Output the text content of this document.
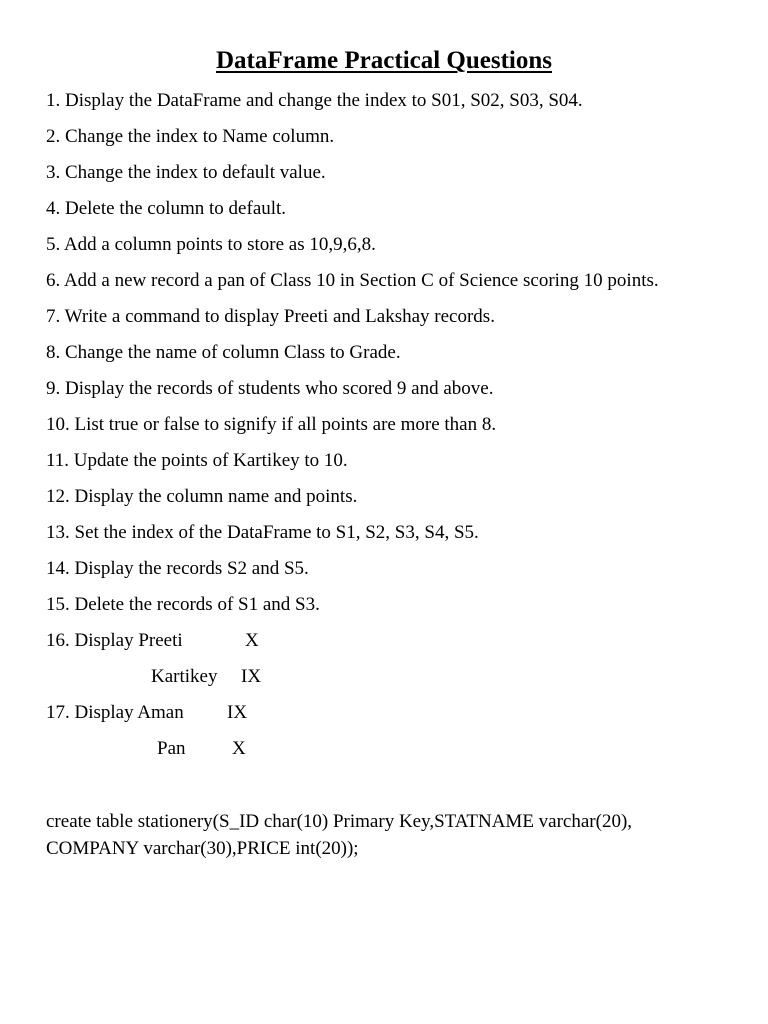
DataFrame Practical Questions
1. Display the DataFrame and change the index to S01, S02, S03, S04.
2. Change the index to Name column.
3. Change the index to default value.
4. Delete the column to default.
5. Add a column points to store as 10,9,6,8.
6. Add a new record a pan of Class 10 in Section C of Science scoring 10 points.
7. Write a command to display Preeti and Lakshay records.
8. Change the name of column Class to Grade.
9. Display the records of students who scored 9 and above.
10. List true or false to signify if all points are more than 8.
11. Update the points of Kartikey to 10.
12. Display the column name and points.
13. Set the index of the DataFrame to S1, S2, S3, S4, S5.
14. Display the records S2 and S5.
15. Delete the records of S1 and S3.
16. Display Preeti	X
Kartikey IX
17. Display Aman IX
Pan X
create table stationery(S_ID char(10) Primary Key,STATNAME varchar(20), COMPANY varchar(30),PRICE int(20));
